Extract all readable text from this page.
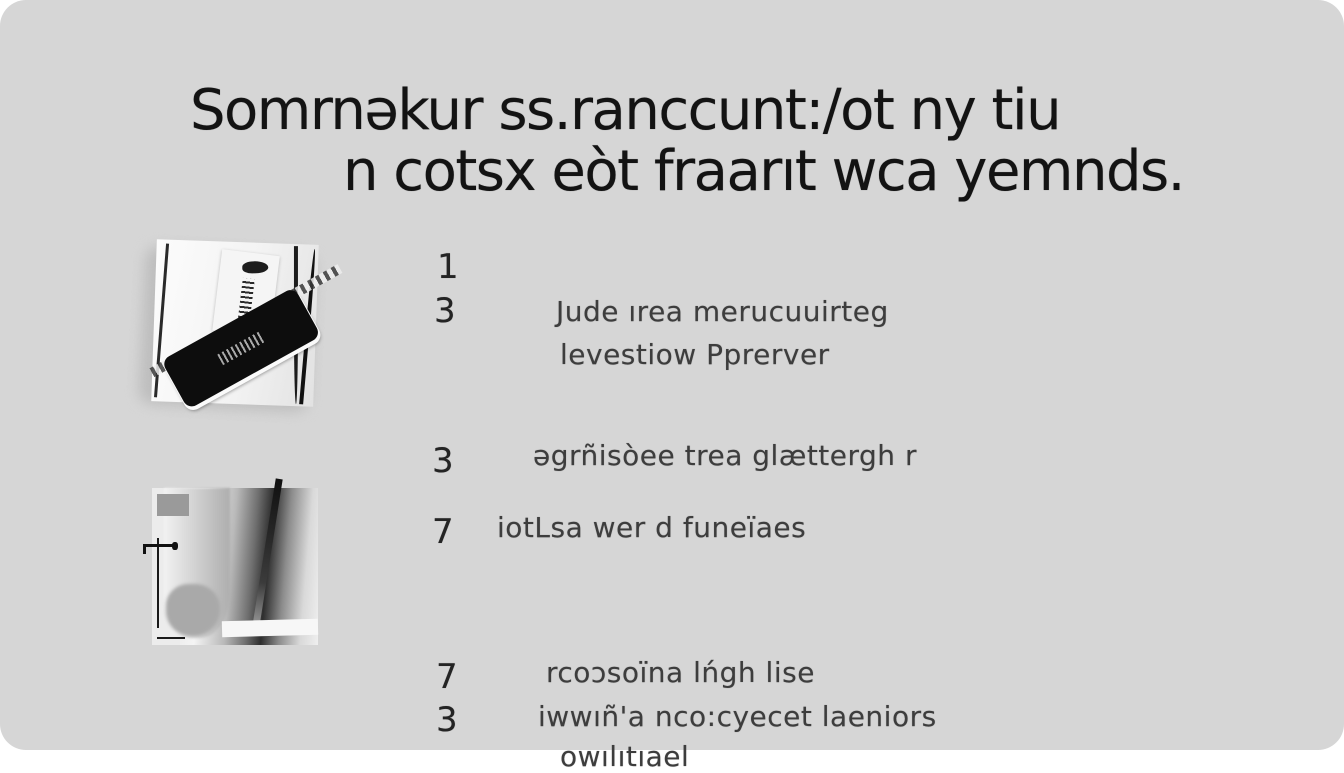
Somrnəkur ss.ranccunt:/ot ny tiu
n cotsx eòt fraarıt wca yemnds.
1
3	Jude ırea merucuuirteg
levestiow Pprerver
3	əgrñisòee trea glættergh r
7 iotLsa wer d funeïaes
7	rcoɔsoïna lńgh lise
3	iwwıñ'a nco:cyecet laeniors
owılıtıael
